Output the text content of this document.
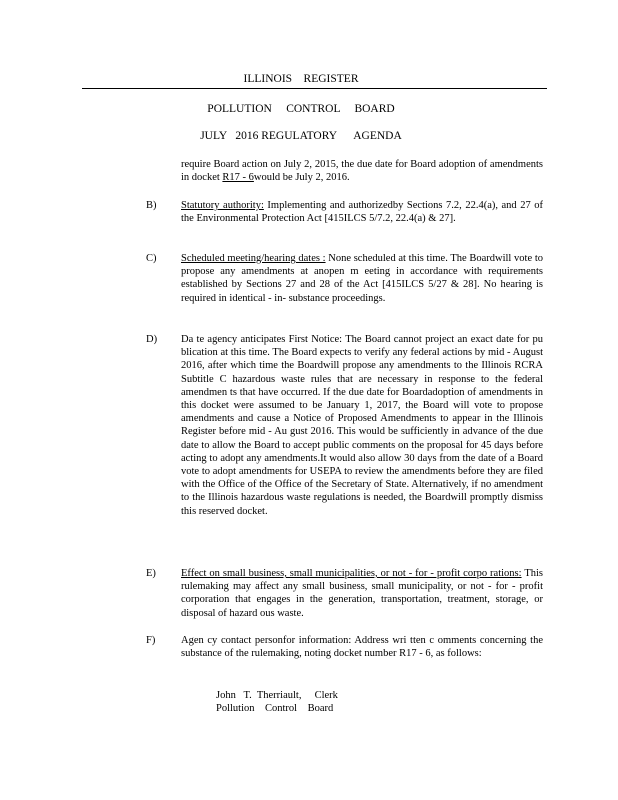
ILLINOIS    REGISTER
POLLUTION     CONTROL     BOARD
JULY   2016 REGULATORY      AGENDA
require Board action on July 2, 2015, the due date for Board adoption of amendments in docket R17 - 6would be July 2, 2016.
B) Statutory authority: Implementing and authorizedby Sections 7.2, 22.4(a), and 27 of the Environmental Protection Act [415ILCS 5/7.2, 22.4(a) & 27].
C) Scheduled meeting/hearing dates : None scheduled at this time. The Boardwill vote to propose any amendments at anopen m eeting in accordance with requirements established by Sections 27 and 28 of the Act [415ILCS 5/27 & 28]. No hearing is required in identical - in- substance proceedings.
D) Da te agency anticipates First Notice: The Board cannot project an exact date for pu blication at this time. The Board expects to verify any federal actions by mid - August 2016, after which time the Boardwill propose any amendments to the Illinois RCRA Subtitle C hazardous waste rules that are necessary in response to the federal amendmen ts that have occurred. If the due date for Boardadoption of amendments in this docket were assumed to be January 1, 2017, the Board will vote to propose amendments and cause a Notice of Proposed Amendments to appear in the Illinois Register before mid - Au gust 2016. This would be sufficiently in advance of the due date to allow the Board to accept public comments on the proposal for 45 days before acting to adopt any amendments.It would also allow 30 days from the date of a Board vote to adopt amendments for USEPA to review the amendments before they are filed with the Office of the Office of the Secretary of State. Alternatively, if no amendment to the Illinois hazardous waste regulations is needed, the Boardwill promptly dismiss this reserved docket.
E) Effect on small business, small municipalities, or not - for - profit corpo rations: This rulemaking may affect any small business, small municipality, or not - for - profit corporation that engages in the generation, transportation, treatment, storage, or disposal of hazard ous waste.
F) Agen cy contact personfor information: Address wri tten c omments concerning the substance of the rulemaking, noting docket number R17 - 6, as follows:
John   T.  Therriault,     Clerk
Pollution    Control    Board
